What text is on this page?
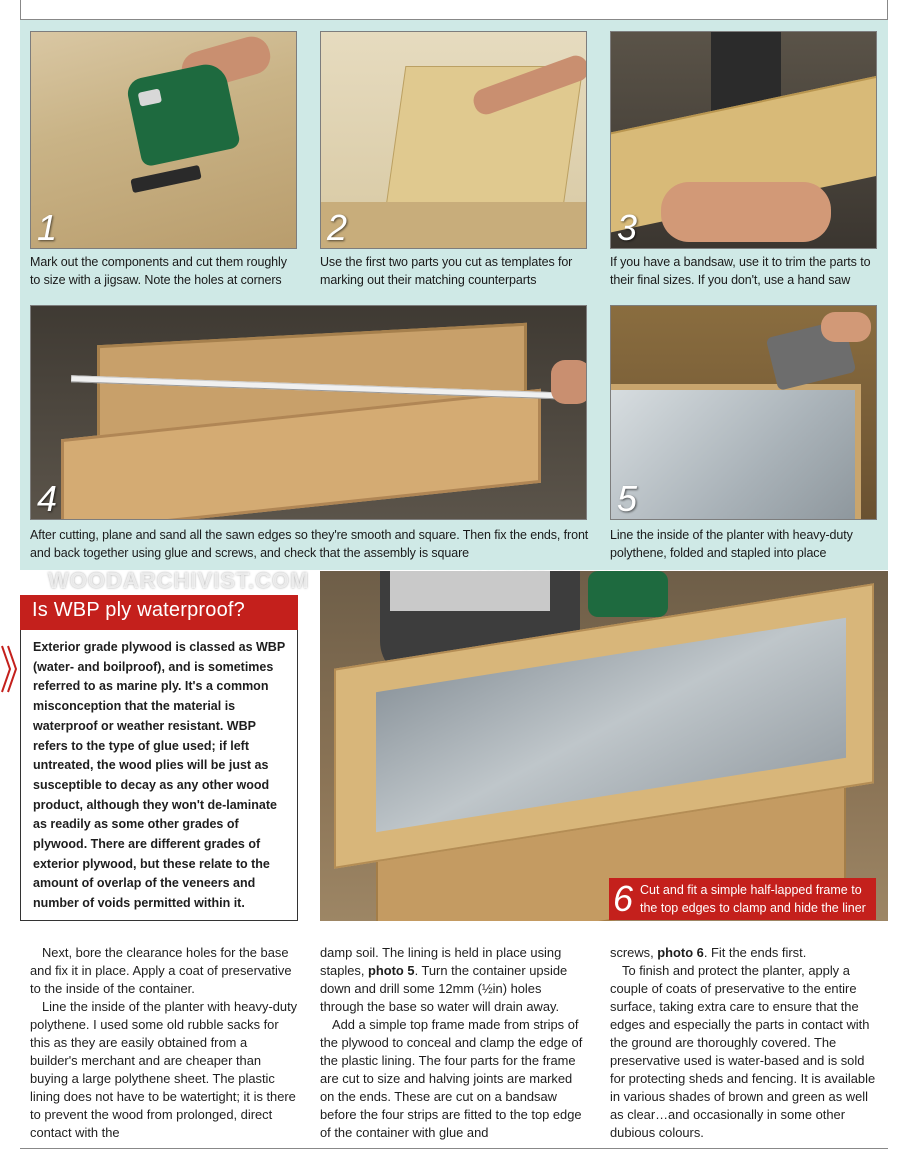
1
Mark out the components and cut them roughly to size with a jigsaw. Note the holes at corners
2
Use the first two parts you cut as templates for marking out their matching counterparts
3
If you have a bandsaw, use it to trim the parts to their final sizes. If you don't, use a hand saw
4
After cutting, plane and sand all the sawn edges so they're smooth and square. Then fix the ends, front and back together using glue and screws, and check that the assembly is square
5
Line the inside of the planter with heavy-duty polythene, folded and stapled into place
WOODARCHIVIST.COM
Is WBP ply waterproof?
Exterior grade plywood is classed as WBP (water- and boilproof), and is sometimes referred to as marine ply. It's a common misconception that the material is waterproof or weather resistant. WBP refers to the type of glue used; if left untreated, the wood plies will be just as susceptible to decay as any other wood product, although they won't de-laminate as readily as some other grades of plywood. There are different grades of exterior plywood, but these relate to the amount of overlap of the veneers and number of voids permitted within it.	6 Cut and fit a simple half-lapped frame to the top edges to clamp and hide the liner

Next, bore the clearance holes for the base and fix it in place. Apply a coat of preservative to the inside of the container.

Line the inside of the planter with heavy-duty polythene. I used some old rubble sacks for this as they are easily obtained from a builder's merchant and are cheaper than buying a large polythene sheet. The plastic lining does not have to be watertight; it is there to prevent the wood from prolonged, direct contact with the

damp soil. The lining is held in place using staples, photo 5. Turn the container upside down and drill some 12mm (½in) holes through the base so water will drain away.

Add a simple top frame made from strips of the plywood to conceal and clamp the edge of the plastic lining. The four parts for the frame are cut to size and halving joints are marked on the ends. These are cut on a bandsaw before the four strips are fitted to the top edge of the container with glue and

screws, photo 6. Fit the ends first.

To finish and protect the planter, apply a couple of coats of preservative to the entire surface, taking extra care to ensure that the edges and especially the parts in contact with the ground are thoroughly covered. The preservative used is water-based and is sold for protecting sheds and fencing. It is available in various shades of brown and green as well as clear…and occasionally in some other dubious colours.
